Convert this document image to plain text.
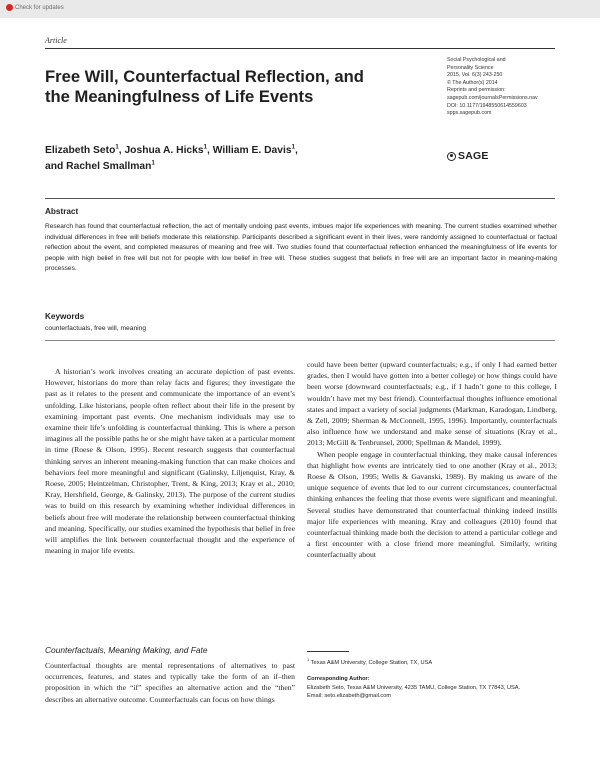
Check for updates
Article
Free Will, Counterfactual Reflection, and the Meaningfulness of Life Events
Social Psychological and
Personality Science
2015, Vol. 6(3) 243-250
© The Author(s) 2014
Reprints and permission:
sagepub.com/journalsPermissions.nav
DOI: 10.1177/1948550614559603
spps.sagepub.com
SAGE
Elizabeth Seto$^1$, Joshua A. Hicks$^1$, William E. Davis$^1$,
and Rachel Smallman$^1$
Abstract

Research has found that counterfactual reflection, the act of mentally undoing past events, imbues major life experiences with meaning. The current studies examined whether individual differences in free will beliefs moderate this relationship. Participants described a significant event in their lives, were randomly assigned to counterfactual or factual reflection about the event, and completed measures of meaning and free will. Two studies found that counterfactual reflection enhanced the meaningfulness of life events for people with high belief in free will but not for people with low belief in free will. These studies suggest that beliefs in free will are an important factor in meaning-making processes.

Keywords
counterfactuals, free will, meaning

A historian’s work involves creating an accurate depiction of past events. However, historians do more than relay facts and figures; they investigate the past as it relates to the present and communicate the importance of an event’s unfolding. Like historians, people often reflect about their life in the present by examining important past events. One mechanism individuals may use to examine their life’s unfolding is counterfactual thinking. This is where a person imagines all the possible paths he or she might have taken at a particular moment in time (Roese & Olson, 1995). Recent research suggests that counterfactual thinking serves an inherent meaning-making function that can make choices and behaviors feel more meaningful and significant (Galinsky, Liljenquist, Kray, & Roese, 2005; Heintzelman, Christopher, Trent, & King, 2013; Kray et al., 2010; Kray, Hershfield, George, & Galinsky, 2013). The purpose of the current studies was to build on this research by examining whether individual differences in beliefs about free will moderate the relationship between counterfactual thinking and meaning. Specifically, our studies examined the hypothesis that belief in free will amplifies the link between counterfactual thought and the experience of meaning in major life events.

Counterfactuals, Meaning Making, and Fate

Counterfactual thoughts are mental representations of alternatives to past occurrences, features, and states and typically take the form of an if–then proposition in which the “if” specifies an alternative action and the “then” describes an alternative outcome. Counterfactuals can focus on how things

could have been better (upward counterfactuals; e.g., if only I had earned better grades, then I would have gotten into a better college) or how things could have been worse (downward counterfactuals; e.g., if I hadn’t gone to this college, I wouldn’t have met my best friend). Counterfactual thoughts influence emotional states and impact a variety of social judgments (Markman, Karadogan, Lindberg, & Zell, 2009; Sherman & McConnell, 1995, 1996). Importantly, counterfactuals also influence how we understand and make sense of situations (Kray et al., 2013; McGill & Tenbrunsel, 2000; Spellman & Mandel, 1999).

When people engage in counterfactual thinking, they make causal inferences that highlight how events are intricately tied to one another (Kray et al., 2013; Roese & Olson, 1995; Wells & Gavanski, 1989). By making us aware of the unique sequence of events that led to our current circumstances, counterfactual thinking enhances the feeling that those events were significant and meaningful. Several studies have demonstrated that counterfactual thinking indeed instills major life experiences with meaning. Kray and colleagues (2010) found that counterfactual thinking made both the decision to attend a particular college and a first encounter with a close friend more meaningful. Similarly, writing counterfactually about

$^1$ Texas A&M University, College Station, TX, USA
Corresponding Author:
Elizabeth Seto, Texas A&M University, 4235 TAMU, College Station, TX 77843, USA.
Email: seto.elizabeth@gmail.com
